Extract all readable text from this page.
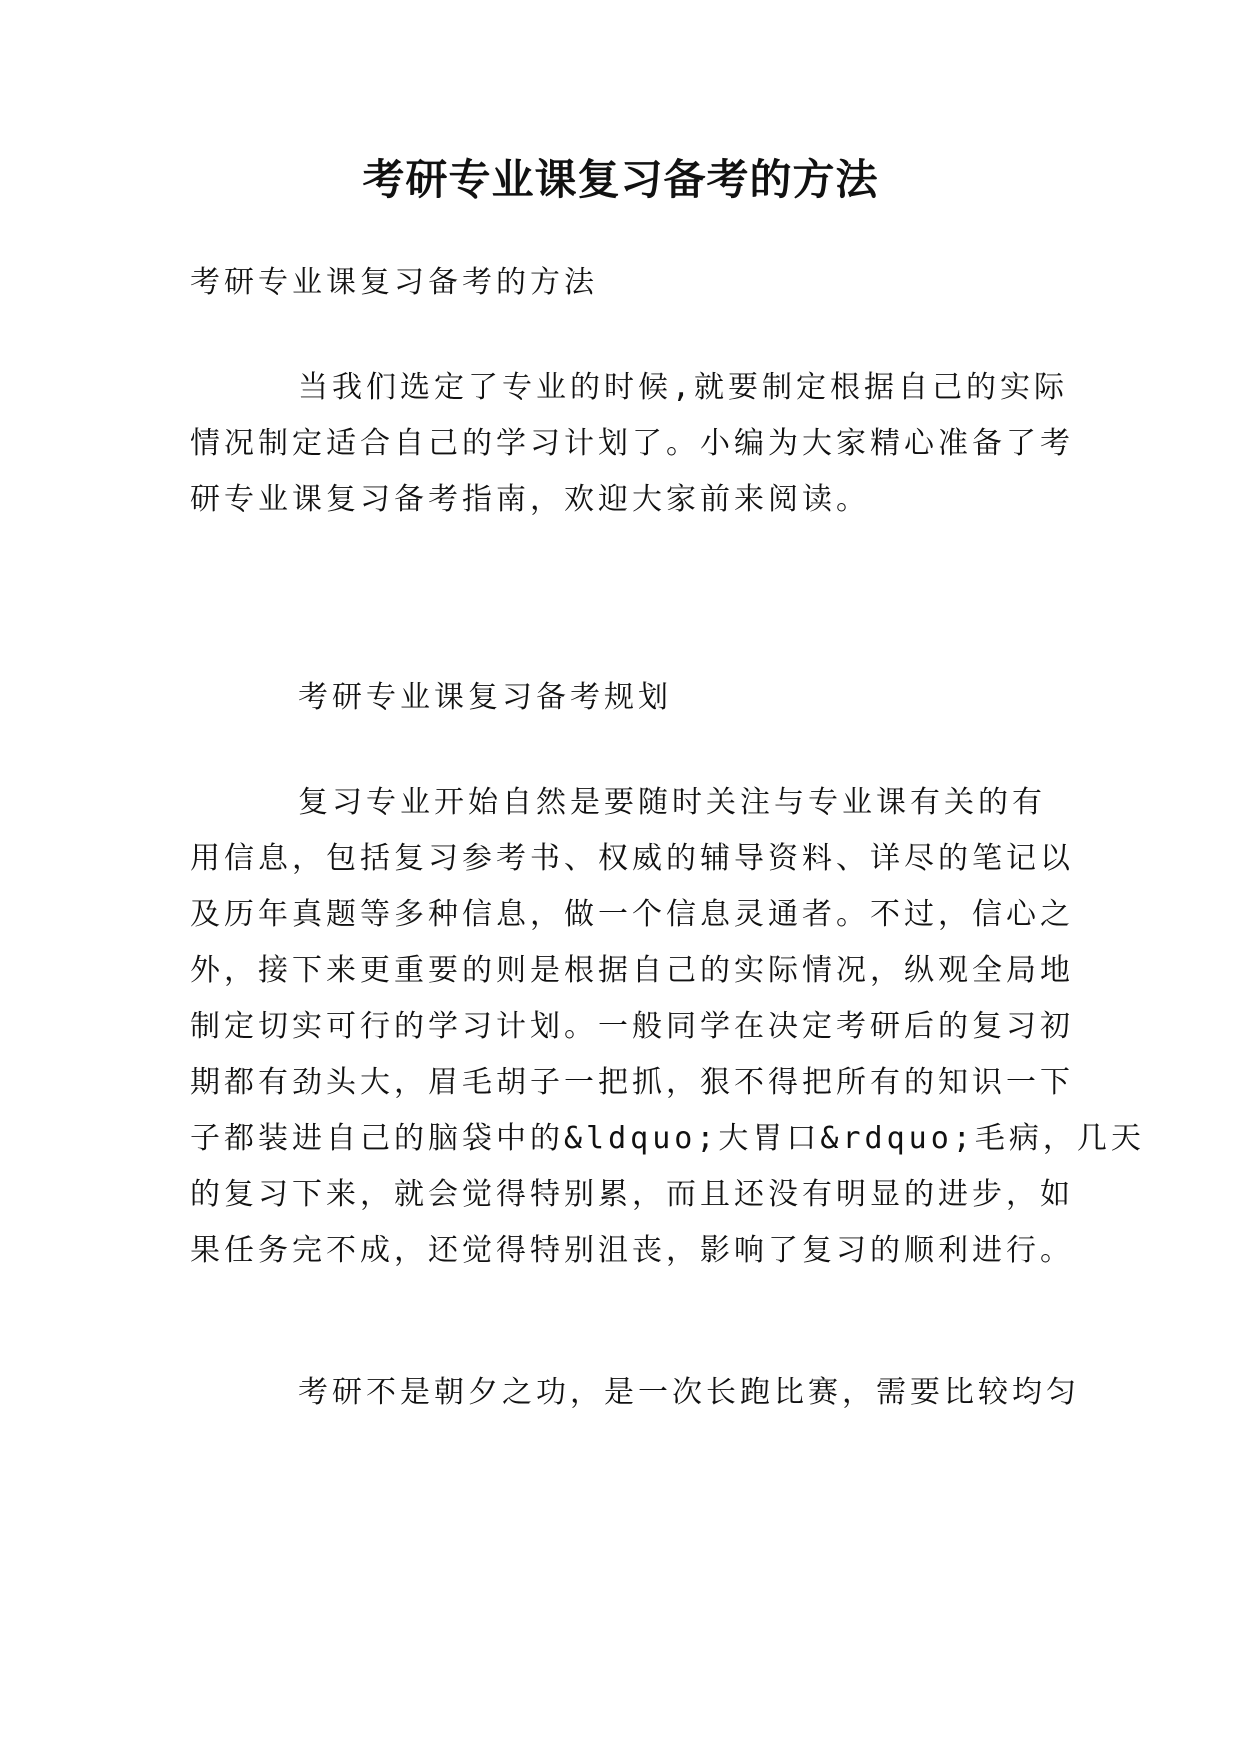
考研专业课复习备考的方法
考研专业课复习备考的方法
当我们选定了专业的时候,就要制定根据自己的实际
情况制定适合自己的学习计划了。小编为大家精心准备了考
研专业课复习备考指南，欢迎大家前来阅读。
考研专业课复习备考规划
复习专业开始自然是要随时关注与专业课有关的有
用信息，包括复习参考书、权威的辅导资料、详尽的笔记以
及历年真题等多种信息，做一个信息灵通者。不过，信心之
外，接下来更重要的则是根据自己的实际情况，纵观全局地
制定切实可行的学习计划。一般同学在决定考研后的复习初
期都有劲头大，眉毛胡子一把抓，狠不得把所有的知识一下
子都装进自己的脑袋中的&ldquo;大胃口&rdquo;毛病，几天
的复习下来，就会觉得特别累，而且还没有明显的进步，如
果任务完不成，还觉得特别沮丧，影响了复习的顺利进行。
考研不是朝夕之功，是一次长跑比赛，需要比较均匀
